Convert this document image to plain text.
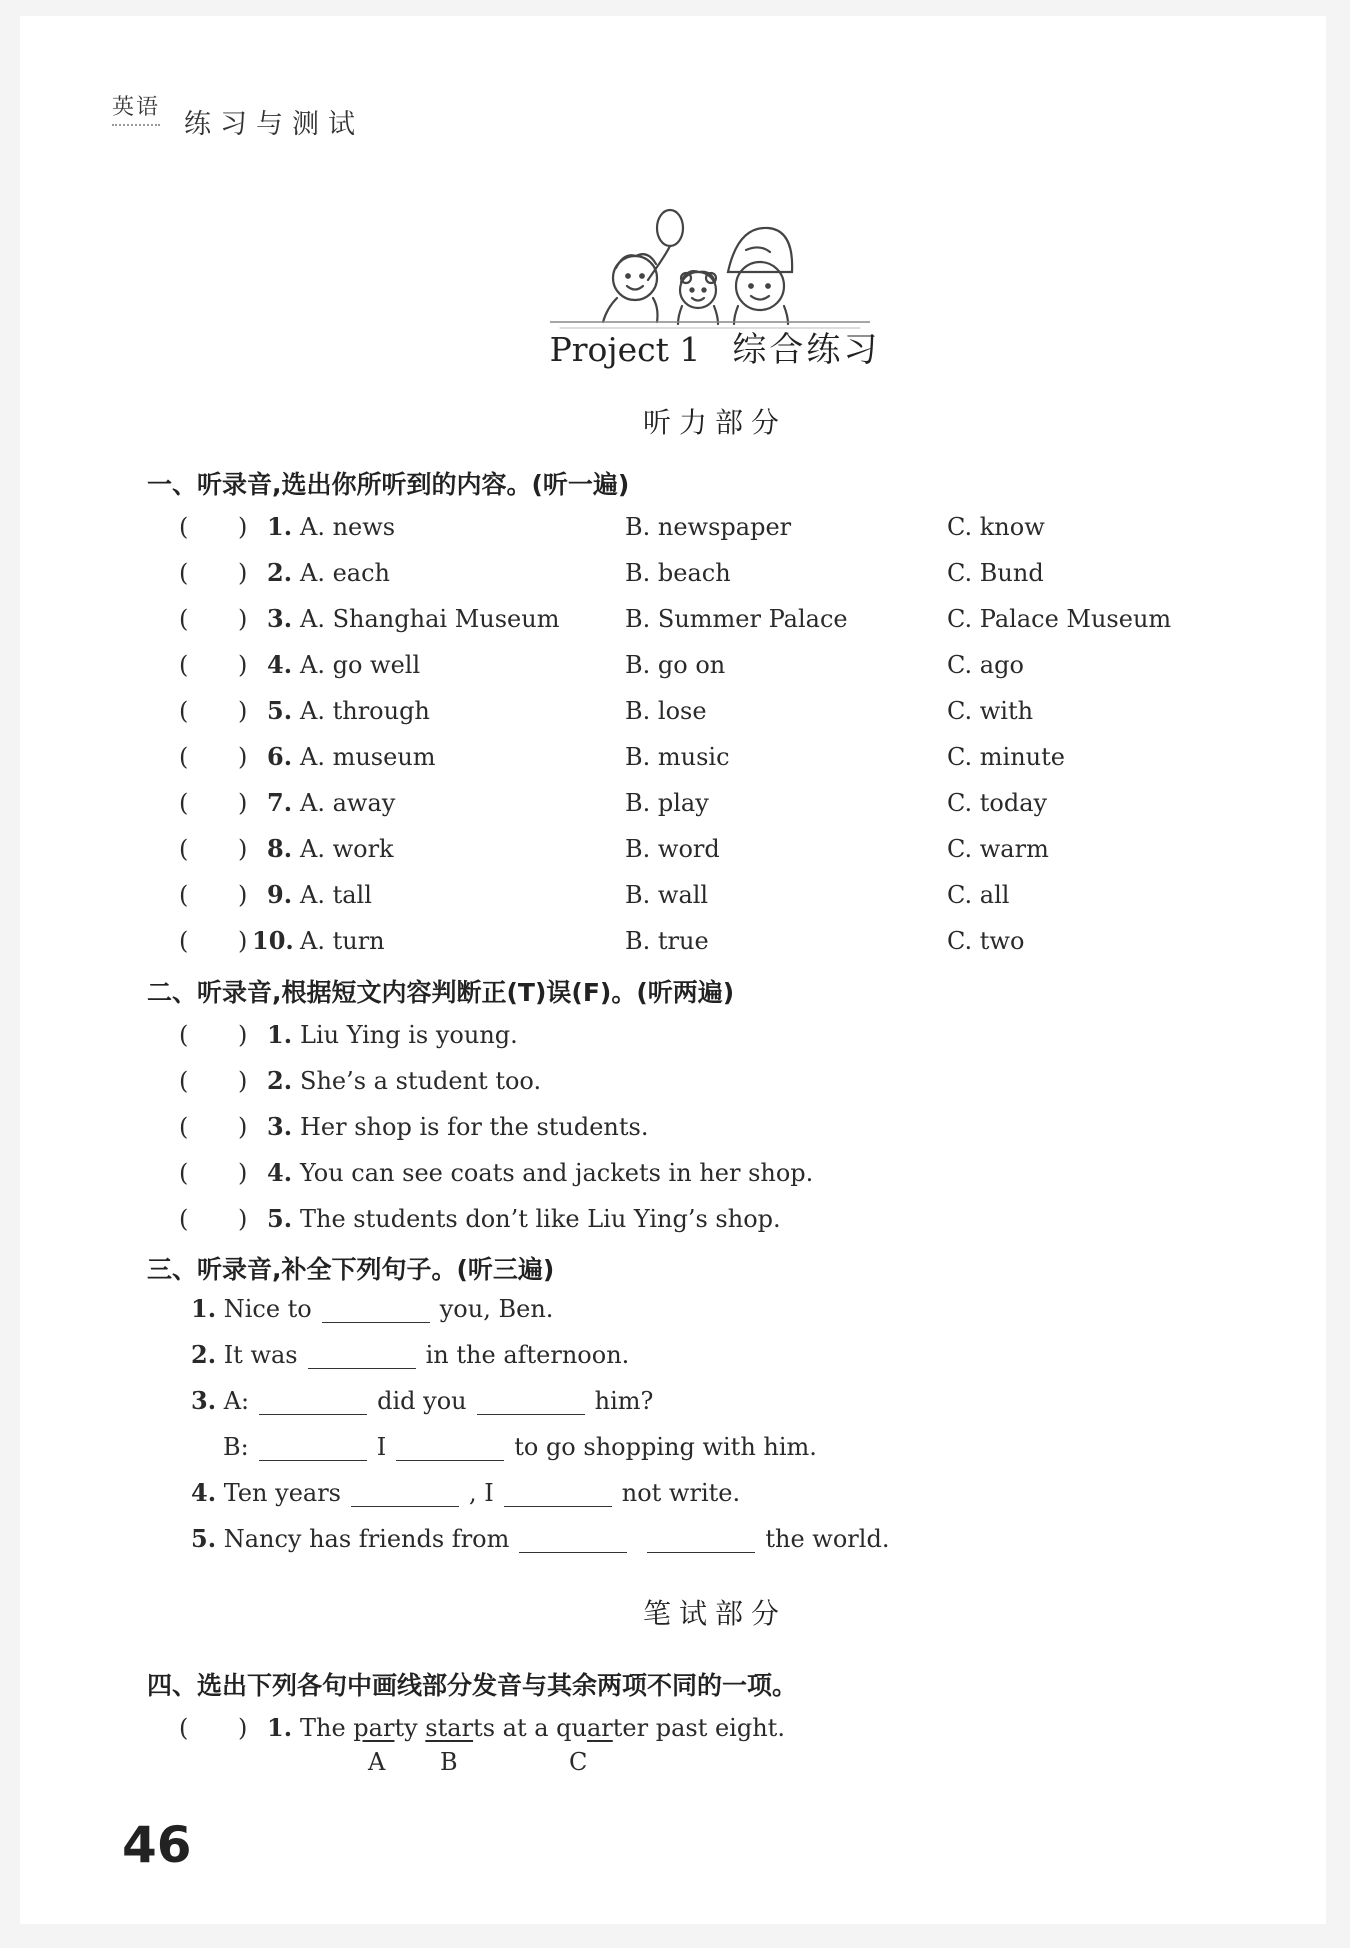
英语
练习与测试
Project 1 综合练习
听力部分
一、听录音,选出你所听到的内容。(听一遍)
( ) 1. A. news	B. newspaper	C. know
( ) 2. A. each	B. beach	C. Bund
( ) 3. A. Shanghai Museum	B. Summer Palace	C. Palace Museum
( ) 4. A. go well	B. go on	C. ago
( ) 5. A. through	B. lose	C. with
( ) 6. A. museum	B. music	C. minute
( ) 7. A. away	B. play	C. today
( ) 8. A. work	B. word	C. warm
( ) 9. A. tall	B. wall	C. all
( ) 10. A. turn	B. true	C. two
二、听录音,根据短文内容判断正(T)误(F)。(听两遍)
( ) 1. Liu Ying is young.
( ) 2. She’s a student too.
( ) 3. Her shop is for the students.
( ) 4. You can see coats and jackets in her shop.
( ) 5. The students don’t like Liu Ying’s shop.
三、听录音,补全下列句子。(听三遍)
1. Nice to	you, Ben.
2. It was	in the afternoon.
3. A:	did you	him?
B:	I	to go shopping with him.
4. Ten years	, I	not write.
5. Nancy has friends from	the world.
笔试部分
四、选出下列各句中画线部分发音与其余两项不同的一项。
( ) 1. The party starts at a quarter past eight.
A B	C
46
